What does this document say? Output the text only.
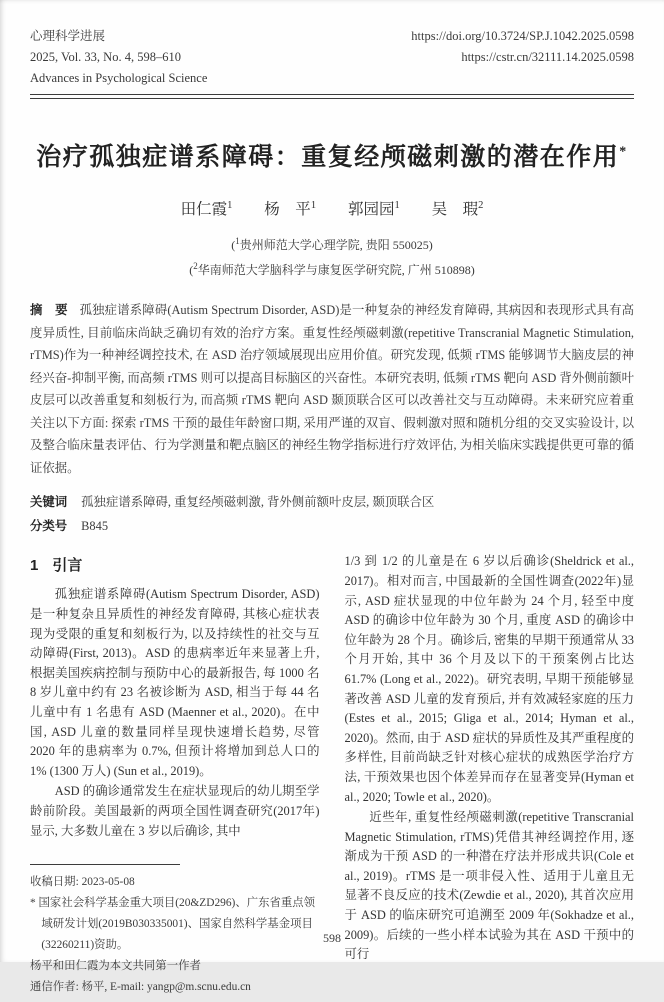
心理科学进展
2025, Vol. 33, No. 4, 598–610
Advances in Psychological Science
https://doi.org/10.3724/SP.J.1042.2025.0598
https://cstr.cn/32111.14.2025.0598
治疗孤独症谱系障碍：重复经颅磁刺激的潜在作用*
田仁霞$^1$ 杨　平$^1$ 郭园园$^1$ 吴　瑕$^2$
($^1$贵州师范大学心理学院, 贵阳 550025)
($^2$华南师范大学脑科学与康复医学研究院, 广州 510898)

摘　要 孤独症谱系障碍(Autism Spectrum Disorder, ASD)是一种复杂的神经发育障碍, 其病因和表现形式具有高度异质性, 目前临床尚缺乏确切有效的治疗方案。重复性经颅磁刺激(repetitive Transcranial Magnetic Stimulation, rTMS)作为一种神经调控技术, 在 ASD 治疗领域展现出应用价值。研究发现, 低频 rTMS 能够调节大脑皮层的神经兴奋-抑制平衡, 而高频 rTMS 则可以提高目标脑区的兴奋性。本研究表明, 低频 rTMS 靶向 ASD 背外侧前额叶皮层可以改善重复和刻板行为, 而高频 rTMS 靶向 ASD 颞顶联合区可以改善社交与互动障碍。未来研究应着重关注以下方面: 探索 rTMS 干预的最佳年龄窗口期, 采用严谨的双盲、假刺激对照和随机分组的交叉实验设计, 以及整合临床量表评估、行为学测量和靶点脑区的神经生物学指标进行疗效评估, 为相关临床实践提供更可靠的循证依据。

关键词 孤独症谱系障碍, 重复经颅磁刺激, 背外侧前额叶皮层, 颞顶联合区
分类号 B845
1 引言

孤独症谱系障碍(Autism Spectrum Disorder, ASD)是一种复杂且异质性的神经发育障碍, 其核心症状表现为受限的重复和刻板行为, 以及持续性的社交与互动障碍(First, 2013)。ASD 的患病率近年来显著上升, 根据美国疾病控制与预防中心的最新报告, 每 1000 名 8 岁儿童中约有 23 名被诊断为 ASD, 相当于每 44 名儿童中有 1 名患有 ASD (Maenner et al., 2020)。在中国, ASD 儿童的数量同样呈现快速增长趋势, 尽管 2020 年的患病率为 0.7%, 但预计将增加到总人口的 1% (1300 万人) (Sun et al., 2019)。

ASD 的确诊通常发生在症状显现后的幼儿期至学龄前阶段。美国最新的两项全国性调查研究(2017年)显示, 大多数儿童在 3 岁以后确诊, 其中

收稿日期: 2023-05-08
* 国家社会科学基金重大项目(20&ZD296)、广东省重点领域研发计划(2019B030335001)、国家自然科学基金项目(32260211)资助。
杨平和田仁霞为本文共同第一作者
通信作者: 杨平, E-mail: yangp@m.scnu.edu.cn

1/3 到 1/2 的儿童是在 6 岁以后确诊(Sheldrick et al., 2017)。相对而言, 中国最新的全国性调查(2022年)显示, ASD 症状显现的中位年龄为 24 个月, 轻至中度 ASD 的确诊中位年龄为 30 个月, 重度 ASD 的确诊中位年龄为 28 个月。确诊后, 密集的早期干预通常从 33 个月开始, 其中 36 个月及以下的干预案例占比达 61.7% (Long et al., 2022)。研究表明, 早期干预能够显著改善 ASD 儿童的发育预后, 并有效减轻家庭的压力(Estes et al., 2015; Gliga et al., 2014; Hyman et al., 2020)。然而, 由于 ASD 症状的异质性及其严重程度的多样性, 目前尚缺乏针对核心症状的成熟医学治疗方法, 干预效果也因个体差异而存在显著变异(Hyman et al., 2020; Towle et al., 2020)。

近些年, 重复性经颅磁刺激(repetitive Transcranial Magnetic Stimulation, rTMS)凭借其神经调控作用, 逐渐成为干预 ASD 的一种潜在疗法并形成共识(Cole et al., 2019)。rTMS 是一项非侵入性、适用于儿童且无显著不良反应的技术(Zewdie et al., 2020), 其首次应用于 ASD 的临床研究可追溯至 2009 年(Sokhadze et al., 2009)。后续的一些小样本试验为其在 ASD 干预中的可行

598
